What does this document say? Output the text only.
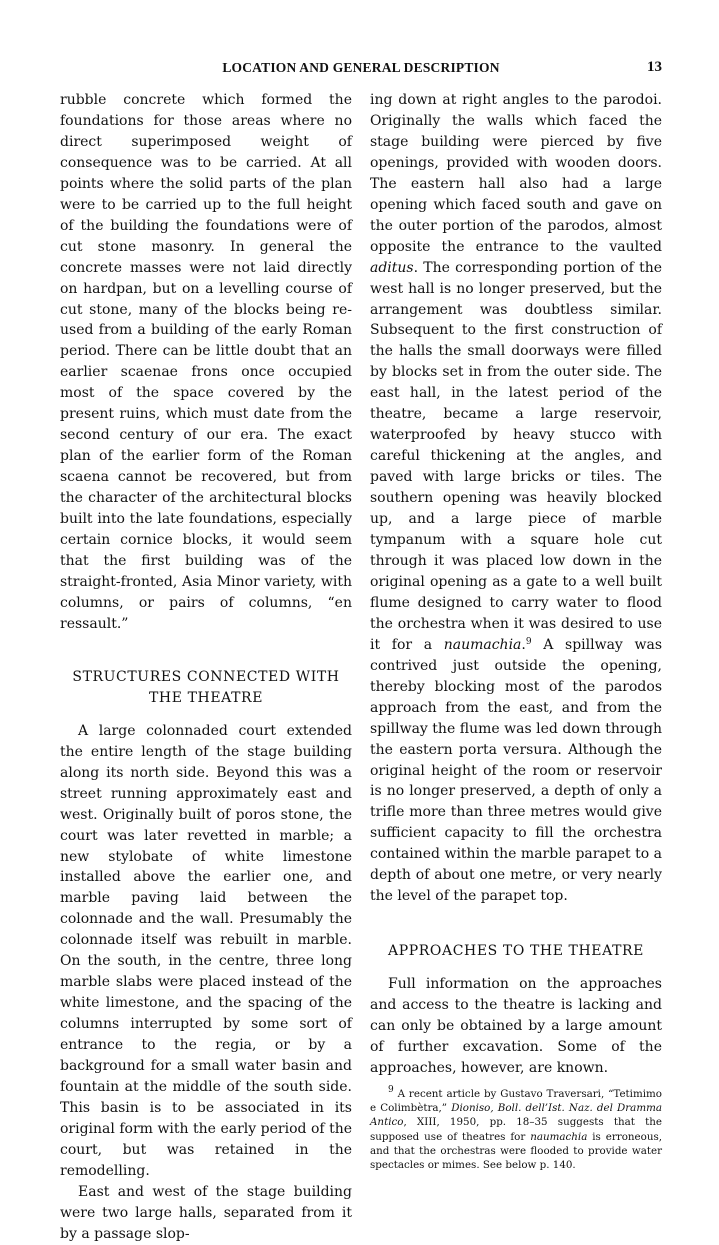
LOCATION AND GENERAL DESCRIPTION	13

rubble concrete which formed the foundations for those areas where no direct superimposed weight of consequence was to be carried. At all points where the solid parts of the plan were to be carried up to the full height of the building the foundations were of cut stone masonry. In general the concrete masses were not laid directly on hardpan, but on a levelling course of cut stone, many of the blocks being re-used from a building of the early Roman period. There can be little doubt that an earlier scaenae frons once occupied most of the space covered by the present ruins, which must date from the second century of our era. The exact plan of the earlier form of the Roman scaena cannot be recovered, but from the character of the architectural blocks built into the late foundations, especially certain cornice blocks, it would seem that the first building was of the straight-fronted, Asia Minor variety, with columns, or pairs of columns, “en ressault.”

STRUCTURES CONNECTED WITH THE THEATRE

A large colonnaded court extended the entire length of the stage building along its north side. Beyond this was a street running approximately east and west. Originally built of poros stone, the court was later revetted in marble; a new stylobate of white limestone installed above the earlier one, and marble paving laid between the colonnade and the wall. Presumably the colonnade itself was rebuilt in marble. On the south, in the centre, three long marble slabs were placed instead of the white limestone, and the spacing of the columns interrupted by some sort of entrance to the regia, or by a background for a small water basin and fountain at the middle of the south side. This basin is to be associated in its original form with the early period of the court, but was retained in the remodelling.

East and west of the stage building were two large halls, separated from it by a passage slop-

ing down at right angles to the parodoi. Originally the walls which faced the stage building were pierced by five openings, provided with wooden doors. The eastern hall also had a large opening which faced south and gave on the outer portion of the parodos, almost opposite the entrance to the vaulted aditus. The corresponding portion of the west hall is no longer preserved, but the arrangement was doubtless similar. Subsequent to the first construction of the halls the small doorways were filled by blocks set in from the outer side. The east hall, in the latest period of the theatre, became a large reservoir, waterproofed by heavy stucco with careful thickening at the angles, and paved with large bricks or tiles. The southern opening was heavily blocked up, and a large piece of marble tympanum with a square hole cut through it was placed low down in the original opening as a gate to a well built flume designed to carry water to flood the orchestra when it was desired to use it for a naumachia.$^9$ A spillway was contrived just outside the opening, thereby blocking most of the parodos approach from the east, and from the spillway the flume was led down through the eastern porta versura. Although the original height of the room or reservoir is no longer preserved, a depth of only a trifle more than three metres would give sufficient capacity to fill the orchestra contained within the marble parapet to a depth of about one metre, or very nearly the level of the parapet top.

APPROACHES TO THE THEATRE

Full information on the approaches and access to the theatre is lacking and can only be obtained by a large amount of further excavation. Some of the approaches, however, are known.

$^9$ A recent article by Gustavo Traversari, “Tetimimo e Colimbètra,” Dioniso, Boll. dell’Ist. Naz. del Dramma Antico, XIII, 1950, pp. 18–35 suggests that the supposed use of theatres for naumachia is erroneous, and that the orchestras were flooded to provide water spectacles or mimes. See below p. 140.
